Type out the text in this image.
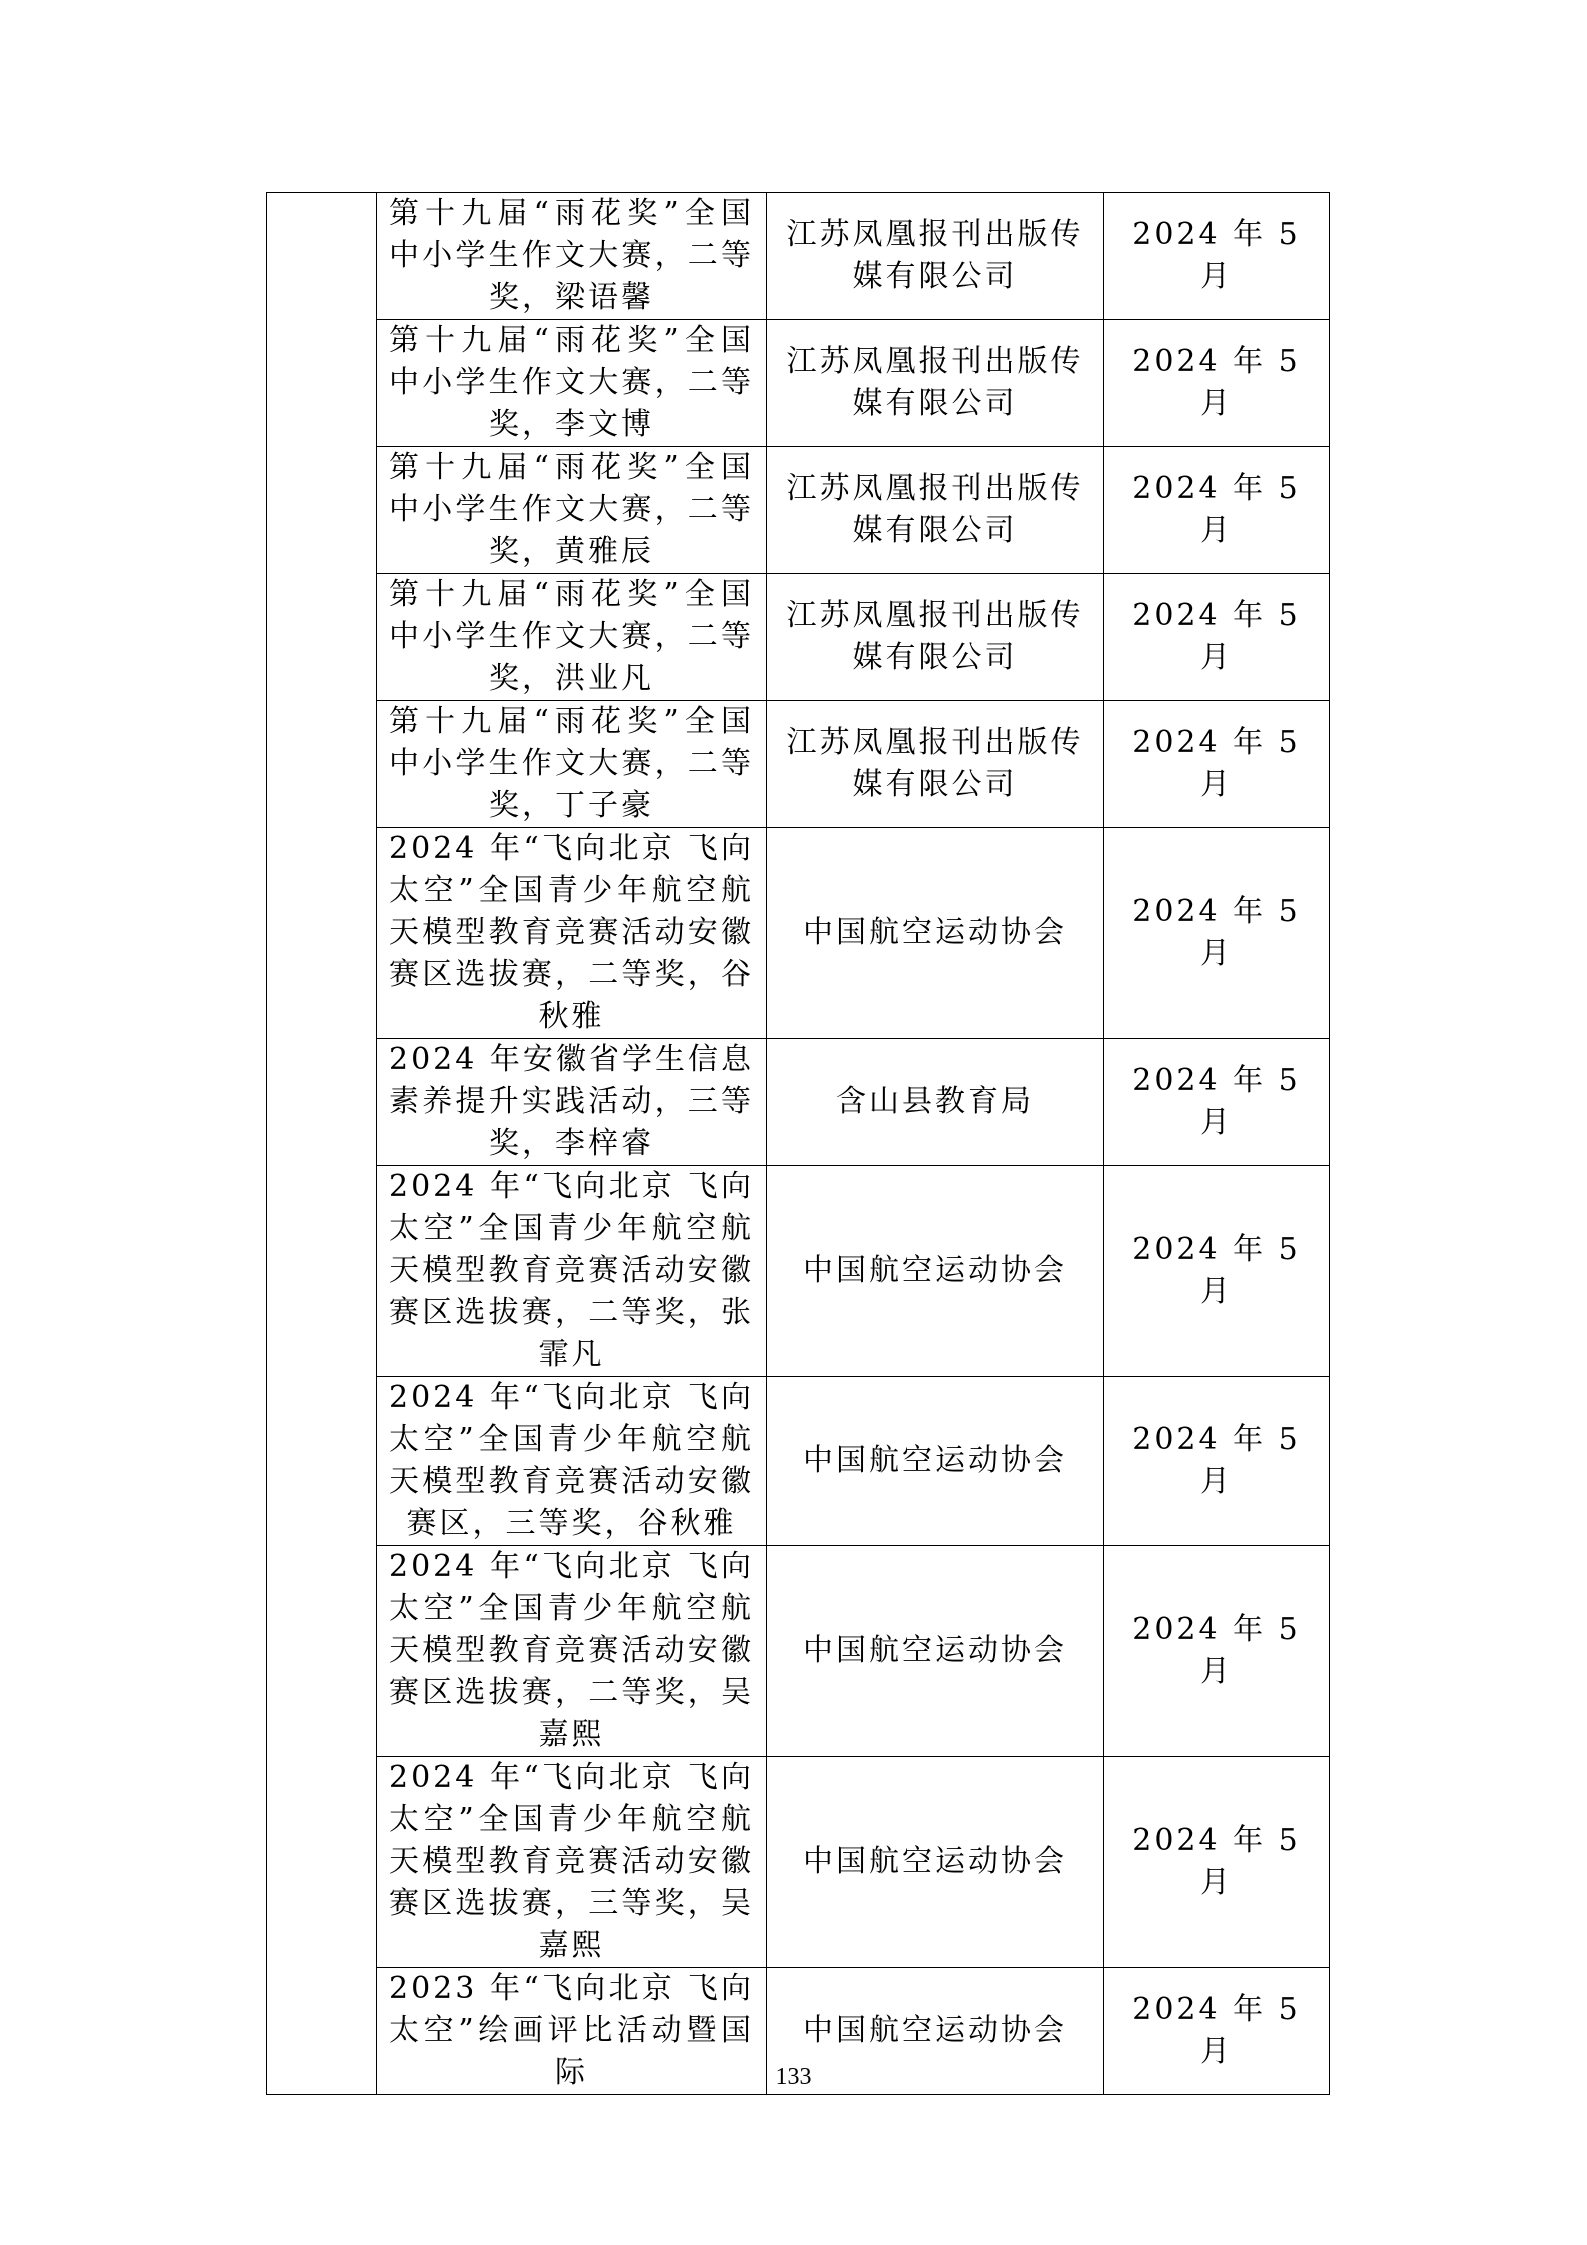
	第十九届“雨花奖”全国中小学生作文大赛，二等奖，梁语馨	江苏凤凰报刊出版传媒有限公司	2024 年 5 月
	第十九届“雨花奖”全国中小学生作文大赛，二等奖，李文博	江苏凤凰报刊出版传媒有限公司	2024 年 5 月
	第十九届“雨花奖”全国中小学生作文大赛，二等奖，黄雅辰	江苏凤凰报刊出版传媒有限公司	2024 年 5 月
	第十九届“雨花奖”全国中小学生作文大赛，二等奖，洪业凡	江苏凤凰报刊出版传媒有限公司	2024 年 5 月
	第十九届“雨花奖”全国中小学生作文大赛，二等奖，丁子豪	江苏凤凰报刊出版传媒有限公司	2024 年 5 月
	2024 年“飞向北京 飞向太空”全国青少年航空航天模型教育竞赛活动安徽赛区选拔赛，二等奖，谷秋雅	中国航空运动协会	2024 年 5 月
	2024 年安徽省学生信息素养提升实践活动，三等奖，李梓睿	含山县教育局	2024 年 5 月
	2024 年“飞向北京 飞向太空”全国青少年航空航天模型教育竞赛活动安徽赛区选拔赛，二等奖，张霏凡	中国航空运动协会	2024 年 5 月
	2024 年“飞向北京 飞向太空”全国青少年航空航天模型教育竞赛活动安徽赛区，三等奖，谷秋雅	中国航空运动协会	2024 年 5 月
	2024 年“飞向北京 飞向太空”全国青少年航空航天模型教育竞赛活动安徽赛区选拔赛，二等奖，吴嘉熙	中国航空运动协会	2024 年 5 月
	2024 年“飞向北京 飞向太空”全国青少年航空航天模型教育竞赛活动安徽赛区选拔赛，三等奖，吴嘉熙	中国航空运动协会	2024 年 5 月
	2023 年“飞向北京 飞向太空”绘画评比活动暨国际	中国航空运动协会	2024 年 5 月
133
